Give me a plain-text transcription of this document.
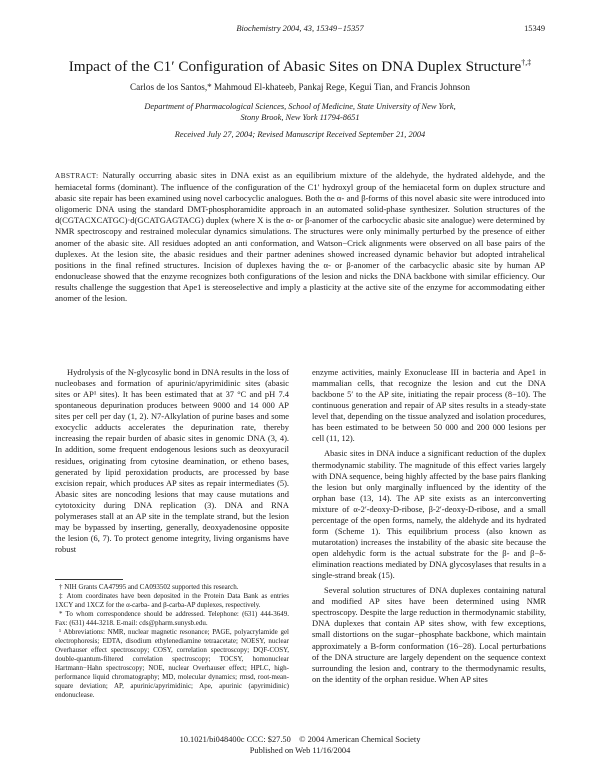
Biochemistry 2004, 43, 15349−15357	15349
Impact of the C1′ Configuration of Abasic Sites on DNA Duplex Structure†,‡
Carlos de los Santos,* Mahmoud El-khateeb, Pankaj Rege, Kegui Tian, and Francis Johnson
Department of Pharmacological Sciences, School of Medicine, State University of New York,
Stony Brook, New York 11794-8651
Received July 27, 2004; Revised Manuscript Received September 21, 2004
ABSTRACT: Naturally occurring abasic sites in DNA exist as an equilibrium mixture of the aldehyde, the hydrated aldehyde, and the hemiacetal forms (dominant). The influence of the configuration of the C1′ hydroxyl group of the hemiacetal form on duplex structure and abasic site repair has been examined using novel carbocyclic analogues. Both the α- and β-forms of this novel abasic site were introduced into oligomeric DNA using the standard DMT-phosphoramidite approach in an automated solid-phase synthesizer. Solution structures of the d(CGTACXCATGC)·d(GCATGAGTACG) duplex (where X is the α- or β-anomer of the carbocyclic abasic site analogue) were determined by NMR spectroscopy and restrained molecular dynamics simulations. The structures were only minimally perturbed by the presence of either anomer of the abasic site. All residues adopted an anti conformation, and Watson−Crick alignments were observed on all base pairs of the duplexes. At the lesion site, the abasic residues and their partner adenines showed increased dynamic behavior but adopted intrahelical positions in the final refined structures. Incision of duplexes having the α- or β-anomer of the carbacyclic abasic site by human AP endonuclease showed that the enzyme recognizes both configurations of the lesion and nicks the DNA backbone with similar efficiency. Our results challenge the suggestion that Ape1 is stereoselective and imply a plasticity at the active site of the enzyme for accommodating either anomer of the lesion.

Hydrolysis of the N-glycosylic bond in DNA results in the loss of nucleobases and formation of apurinic/apyrimidinic sites (abasic sites or AP¹ sites). It has been estimated that at 37 °C and pH 7.4 spontaneous depurination produces between 9000 and 14 000 AP sites per cell per day (1, 2). N7-Alkylation of purine bases and some exocyclic adducts accelerates the depurination rate, thereby increasing the repair burden of abasic sites in genomic DNA (3, 4). In addition, some frequent endogenous lesions such as deoxyuracil residues, originating from cytosine deamination, or etheno bases, generated by lipid peroxidation products, are processed by base excision repair, which produces AP sites as repair intermediates (5). Abasic sites are noncoding lesions that may cause mutations and cytotoxicity during DNA replication (3). DNA and RNA polymerases stall at an AP site in the template strand, but the lesion may be bypassed by inserting, generally, deoxyadenosine opposite the lesion (6, 7). To protect genome integrity, living organisms have robust

enzyme activities, mainly Exonuclease III in bacteria and Ape1 in mammalian cells, that recognize the lesion and cut the DNA backbone 5′ to the AP site, initiating the repair process (8−10). The continuous generation and repair of AP sites results in a steady-state level that, depending on the tissue analyzed and isolation procedures, has been estimated to be between 50 000 and 200 000 lesions per cell (11, 12).

Abasic sites in DNA induce a significant reduction of the duplex thermodynamic stability. The magnitude of this effect varies largely with DNA sequence, being highly affected by the base pairs flanking the lesion but only marginally influenced by the identity of the orphan base (13, 14). The AP site exists as an interconverting mixture of α-2′-deoxy-D-ribose, β-2′-deoxy-D-ribose, and a small percentage of the open forms, namely, the aldehyde and its hydrated form (Scheme 1). This equilibrium process (also known as mutarotation) increases the instability of the abasic site because the open aldehydic form is the actual substrate for the β- and β−δ-elimination reactions mediated by DNA glycosylases that results in a single-strand break (15).

Several solution structures of DNA duplexes containing natural and modified AP sites have been determined using NMR spectroscopy. Despite the large reduction in thermodynamic stability, DNA duplexes that contain AP sites show, with few exceptions, small distortions on the sugar−phosphate backbone, which maintain approximately a B-form conformation (16−28). Local perturbations of the DNA structure are largely dependent on the sequence context surrounding the lesion and, contrary to the thermodynamic results, on the identity of the orphan residue. When AP sites

† NIH Grants CA47995 and CA093502 supported this research.

‡ Atom coordinates have been deposited in the Protein Data Bank as entries 1XCY and 1XCZ for the α-carba- and β-carba-AP duplexes, respectively.

* To whom correspondence should be addressed. Telephone: (631) 444-3649. Fax: (631) 444-3218. E-mail: cds@pharm.sunysb.edu.

¹ Abbreviations: NMR, nuclear magnetic resonance; PAGE, polyacrylamide gel electrophoresis; EDTA, disodium ethylenediamine tetraacetate; NOESY, nuclear Overhauser effect spectroscopy; COSY, correlation spectroscopy; DQF-COSY, double-quantum-filtered correlation spectroscopy; TOCSY, homonuclear Hartmann−Hahn spectroscopy; NOE, nuclear Overhauser effect; HPLC, high-performance liquid chromatography; MD, molecular dynamics; rmsd, root-mean-square deviation; AP, apurinic/apyrimidinic; Ape, apurinic (apyrimidinic) endonuclease.

10.1021/bi048400c CCC: $27.50    © 2004 American Chemical Society
Published on Web 11/16/2004
